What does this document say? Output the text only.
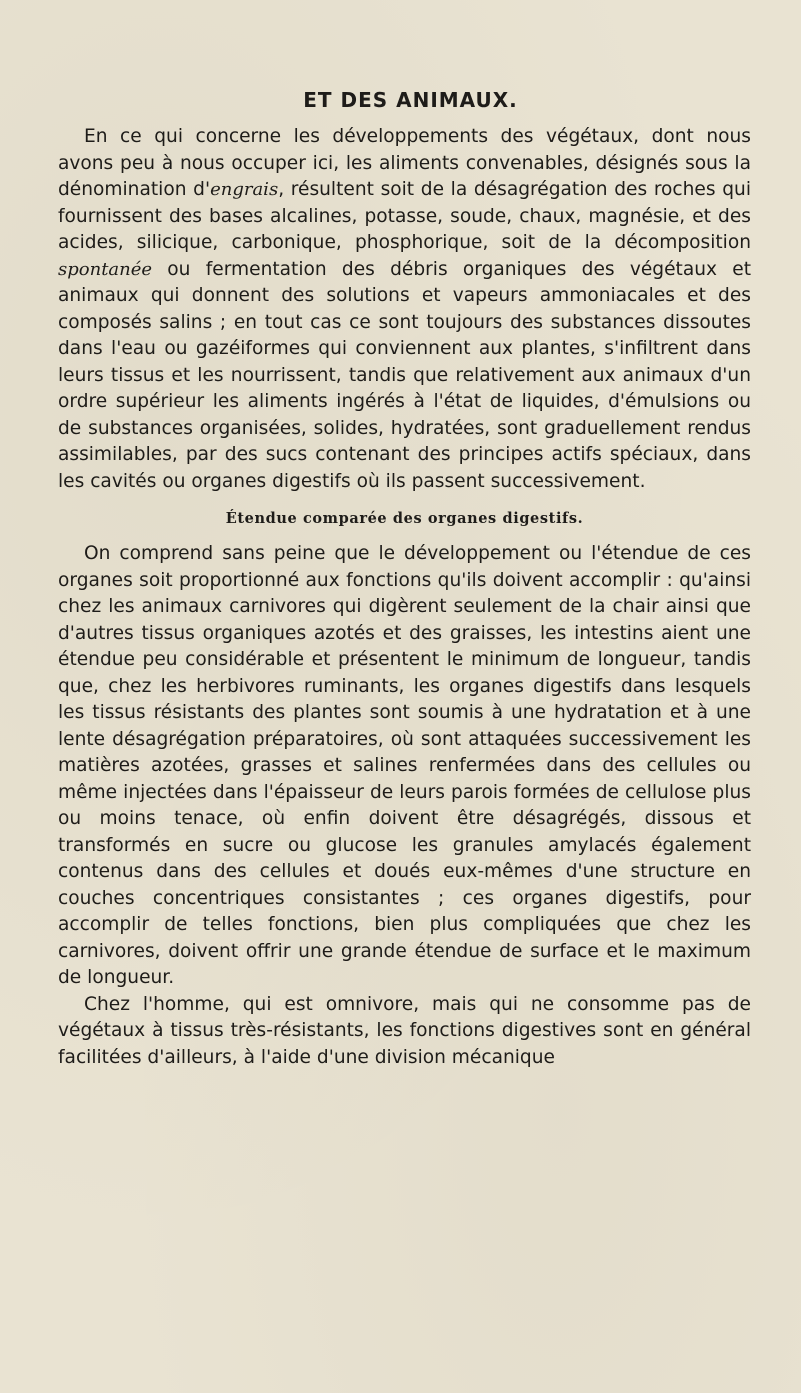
ET DES ANIMAUX.

En ce qui concerne les développements des végétaux, dont nous avons peu à nous occuper ici, les aliments convenables, désignés sous la dénomination d'engrais, résultent soit de la désagrégation des roches qui fournissent des bases alcalines, potasse, soude, chaux, magnésie, et des acides, silicique, carbonique, phosphorique, soit de la décomposition spontanée ou fermentation des débris organiques des végétaux et animaux qui donnent des solutions et vapeurs ammoniacales et des composés salins ; en tout cas ce sont toujours des substances dissoutes dans l'eau ou gazéiformes qui conviennent aux plantes, s'infiltrent dans leurs tissus et les nourrissent, tandis que relativement aux animaux d'un ordre supérieur les aliments ingérés à l'état de liquides, d'émulsions ou de substances organisées, solides, hydratées, sont graduellement rendus assimilables, par des sucs contenant des principes actifs spéciaux, dans les cavités ou organes digestifs où ils passent successivement.

Étendue comparée des organes digestifs.

On comprend sans peine que le développement ou l'étendue de ces organes soit proportionné aux fonctions qu'ils doivent accomplir : qu'ainsi chez les animaux carnivores qui digèrent seulement de la chair ainsi que d'autres tissus organiques azotés et des graisses, les intestins aient une étendue peu considérable et présentent le minimum de longueur, tandis que, chez les herbivores ruminants, les organes digestifs dans lesquels les tissus résistants des plantes sont soumis à une hydratation et à une lente désagrégation préparatoires, où sont attaquées successivement les matières azotées, grasses et salines renfermées dans des cellules ou même injectées dans l'épaisseur de leurs parois formées de cellulose plus ou moins tenace, où enfin doivent être désagrégés, dissous et transformés en sucre ou glucose les granules amylacés également contenus dans des cellules et doués eux-mêmes d'une structure en couches concentriques consistantes ; ces organes digestifs, pour accomplir de telles fonctions, bien plus compliquées que chez les carnivores, doivent offrir une grande étendue de surface et le maximum de longueur.

Chez l'homme, qui est omnivore, mais qui ne consomme pas de végétaux à tissus très-résistants, les fonctions digestives sont en général facilitées d'ailleurs, à l'aide d'une division mécanique
